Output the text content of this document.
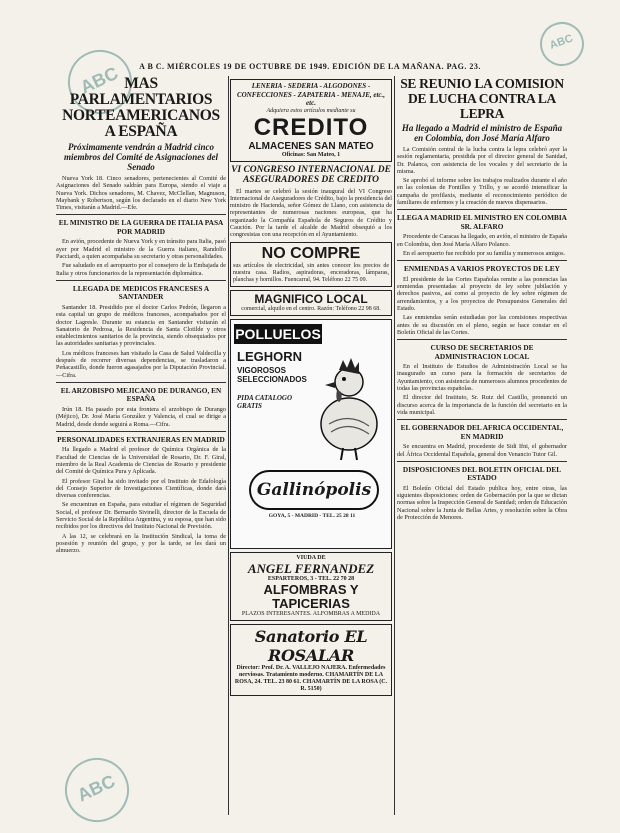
ABC
ABC
ABC
A B C. MIÉRCOLES 19 DE OCTUBRE DE 1949. EDICIÓN DE LA MAÑANA. PAG. 23.
MAS PARLAMENTARIOS NORTEAMERICANOS A ESPAÑA
Próximamente vendrán a Madrid cinco miembros del Comité de Asignaciones del Senado

Nueva York 18. Cinco senadores, pertenecientes al Comité de Asignaciones del Senado saldrán para Europa, siendo el viaje a Nueva York. Dichos senadores, M. Chavez, McClellan, Magnuson, Maybank y Robertson, según los declarado en el diario New York Times, visitarán a Madrid.—Efe.

EL MINISTRO DE LA GUERRA DE ITALIA PASA POR MADRID

En avión, procedente de Nueva York y en tránsito para Italia, pasó ayer por Madrid el ministro de la Guerra italiano, Randolfo Pacciardi, a quien acompañaba su secretario y otras personalidades.

Fue saludado en el aeropuerto por el consejero de la Embajada de Italia y otros funcionarios de la representación diplomática.

LLEGADA DE MEDICOS FRANCESES A SANTANDER

Santander 18. Presidido por el doctor Carlos Pedrón, llegaron a esta capital un grupo de médicos franceses, acompañados por el doctor Lagresle. Durante su estancia en Santander visitarán el Sanatorio de Pedrosa, la Residencia de Santa Clotilde y otros establecimientos sanitarios de la provincia, siendo obsequiados por las autoridades sanitarias y provinciales.

Los médicos franceses han visitado la Casa de Salud Valdecilla y después de recorrer diversas dependencias, se trasladaron a Peñacastillo, donde fueron agasajados por la Diputación Provincial.—Cifra.

EL ARZOBISPO MEJICANO DE DURANGO, EN ESPAÑA

Irún 18. Ha pasado por esta frontera el arzobispo de Durango (Méjico), Dr. José María González y Valencia, el cual se dirige a Madrid, desde donde seguirá a Roma.—Cifra.

PERSONALIDADES EXTRANJERAS EN MADRID

Ha llegado a Madrid el profesor de Química Orgánica de la Facultad de Ciencias de la Universidad de Rosario, Dr. F. Giral, miembro de la Real Academia de Ciencias de Rosario y presidente del Comité de Química Pura y Aplicada.

El profesor Giral ha sido invitado por el Instituto de Edafología del Consejo Superior de Investigaciones Científicas, donde dará diversas conferencias.

Se encuentran en España, para estudiar el régimen de Seguridad Social, el profesor Dr. Bernardo Sivinelli, director de la Escuela de Servicio Social de la República Argentina, y su esposa, que han sido recibidos por los directivos del Instituto Nacional de Previsión.

A las 12, se celebrará en la Institución Sindical, la toma de posesión y reunión del grupo, y por la tarde, se les dará un almuerzo.

LENERIA - SEDERIA - ALGODONES - CONFECCIONES - ZAPATERIA - MENAJE, etc., etc.
Adquiera estos artículos mediante su
CREDITO
ALMACENES SAN MATEO
Oficinas: San Mateo, 1
VI CONGRESO INTERNACIONAL DE ASEGURADORES DE CREDITO

El martes se celebró la sesión inaugural del VI Congreso Internacional de Aseguradores de Crédito, bajo la presidencia del ministro de Hacienda, señor Gómez de Llano, con asistencia de representantes de numerosas naciones europeas, que ha organizado la Compañía Española de Seguros de Crédito y Caución. Por la tarde el alcalde de Madrid obsequió a los congresistas con una recepción en el Ayuntamiento.

NO COMPRE
sus artículos de electricidad, sin antes conocer los precios de nuestra casa. Radios, aspiradoras, enceradoras, lámparas, planchas y hornillos. Fuencarral, 94. Teléfono 22 75 09.
MAGNIFICO LOCAL
comercial, alquilo en el centro. Razón: Teléfono 22 98 68.
POLLUELOS
LEGHORN
VIGOROSOS SELECCIONADOS
PIDA CATALOGO GRATIS
Gallinópolis
GOYA, 5 - MADRID - TEL. 25 28 11
VIUDA DE
ANGEL FERNANDEZ
ESPARTEROS, 3 - TEL. 22 70 28
ALFOMBRAS Y TAPICERIAS
PLAZOS INTERESANTES. ALFOMBRAS A MEDIDA
Sanatorio EL ROSALAR
Director: Prof. Dr. A. VALLEJO NAJERA. Enfermedades nerviosas. Tratamiento moderno. CHAMARTÍN DE LA ROSA, 24. TEL. 23 80 61. CHAMARTÍN DE LA ROSA (C. R. 5150)
SE REUNIO LA COMISION DE LUCHA CONTRA LA LEPRA
Ha llegado a Madrid el ministro de España en Colombia, don José María Alfaro

La Comisión central de la lucha contra la lepra celebró ayer la sesión reglamentaria, presidida por el director general de Sanidad, Dr. Palanca, con asistencia de los vocales y del secretario de la misma.

Se aprobó el informe sobre los trabajos realizados durante el año en las colonias de Fontilles y Trillo, y se acordó intensificar la campaña de profilaxis, mediante el reconocimiento periódico de familiares de enfermos y la creación de nuevos dispensarios.

LLEGA A MADRID EL MINISTRO EN COLOMBIA SR. ALFARO

Procedente de Caracas ha llegado, en avión, el ministro de España en Colombia, don José María Alfaro Polanco.

En el aeropuerto fue recibido por su familia y numerosos amigos.

ENMIENDAS A VARIOS PROYECTOS DE LEY

El presidente de las Cortes Españolas remite a las ponencias las enmiendas presentadas al proyecto de ley sobre jubilación y derechos pasivos, así como al proyecto de ley sobre régimen de arrendamientos, y a los proyectos de Presupuestos Generales del Estado.

Las enmiendas serán estudiadas por las comisiones respectivas antes de su discusión en el pleno, según se hace constar en el Boletín Oficial de las Cortes.

CURSO DE SECRETARIOS DE ADMINISTRACION LOCAL

En el Instituto de Estudios de Administración Local se ha inaugurado un curso para la formación de secretarios de Ayuntamiento, con asistencia de numerosos alumnos procedentes de todas las provincias españolas.

El director del Instituto, Sr. Ruiz del Castillo, pronunció un discurso acerca de la importancia de la función del secretario en la vida municipal.

EL GOBERNADOR DEL AFRICA OCCIDENTAL, EN MADRID

Se encuentra en Madrid, procedente de Sidi Ifni, el gobernador del África Occidental Española, general don Venancio Tutor Gil.

DISPOSICIONES DEL BOLETIN OFICIAL DEL ESTADO

El Boletín Oficial del Estado publica hoy, entre otras, las siguientes disposiciones: orden de Gobernación por la que se dictan normas sobre la Inspección General de Sanidad; orden de Educación Nacional sobre la Junta de Bellas Artes, y resolución sobre la Obra de Protección de Menores.
